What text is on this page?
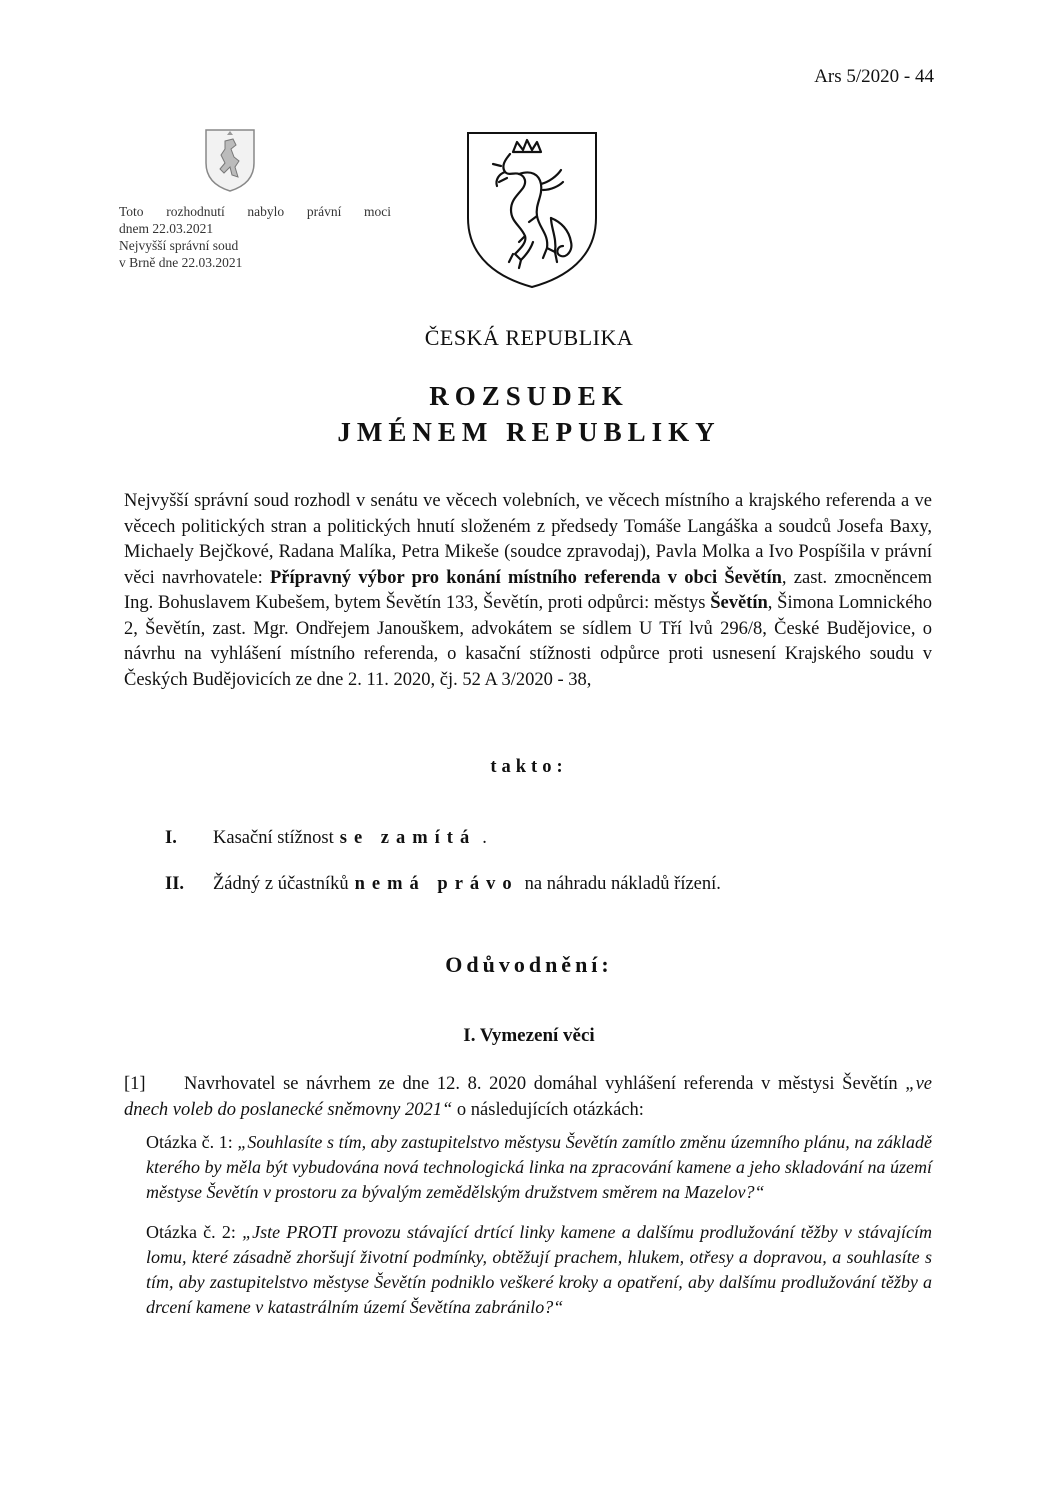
Ars 5/2020 - 44
Toto rozhodnutí nabylo právní moci
dnem 22.03.2021
Nejvyšší správní soud
v Brně dne 22.03.2021
ČESKÁ REPUBLIKA
ROZSUDEK
JMÉNEM REPUBLIKY
Nejvyšší správní soud rozhodl v senátu ve věcech volebních, ve věcech místního a krajského referenda a ve věcech politických stran a politických hnutí složeném z předsedy Tomáše Langáška a soudců Josefa Baxy, Michaely Bejčkové, Radana Malíka, Petra Mikeše (soudce zpravodaj), Pavla Molka a Ivo Pospíšila v právní věci navrhovatele: Přípravný výbor pro konání místního referenda v obci Ševětín, zast. zmocněncem Ing. Bohuslavem Kubešem, bytem Ševětín 133, Ševětín, proti odpůrci: městys Ševětín, Šimona Lomnického 2, Ševětín, zast. Mgr. Ondřejem Janouškem, advokátem se sídlem U Tří lvů 296/8, České Budějovice, o návrhu na vyhlášení místního referenda, o kasační stížnosti odpůrce proti usnesení Krajského soudu v Českých Budějovicích ze dne 2. 11. 2020, čj. 52 A 3/2020 - 38,
takto:
I. Kasační stížnost se zamítá .
II. Žádný z účastníků nemá právo na náhradu nákladů řízení.
Odůvodnění:
I. Vymezení věci
[1] Navrhovatel se návrhem ze dne 12. 8. 2020 domáhal vyhlášení referenda v městysi Ševětín „ve dnech voleb do poslanecké sněmovny 2021“ o následujících otázkách:
Otázka č. 1: „Souhlasíte s tím, aby zastupitelstvo městysu Ševětín zamítlo změnu územního plánu, na základě kterého by měla být vybudována nová technologická linka na zpracování kamene a jeho skladování na území městyse Ševětín v prostoru za bývalým zemědělským družstvem směrem na Mazelov?“
Otázka č. 2: „Jste PROTI provozu stávající drtící linky kamene a dalšímu prodlužování těžby v stávajícím lomu, které zásadně zhoršují životní podmínky, obtěžují prachem, hlukem, otřesy a dopravou, a souhlasíte s tím, aby zastupitelstvo městyse Ševětín podniklo veškeré kroky a opatření, aby dalšímu prodlužování těžby a drcení kamene v katastrálním území Ševětína zabránilo?“
